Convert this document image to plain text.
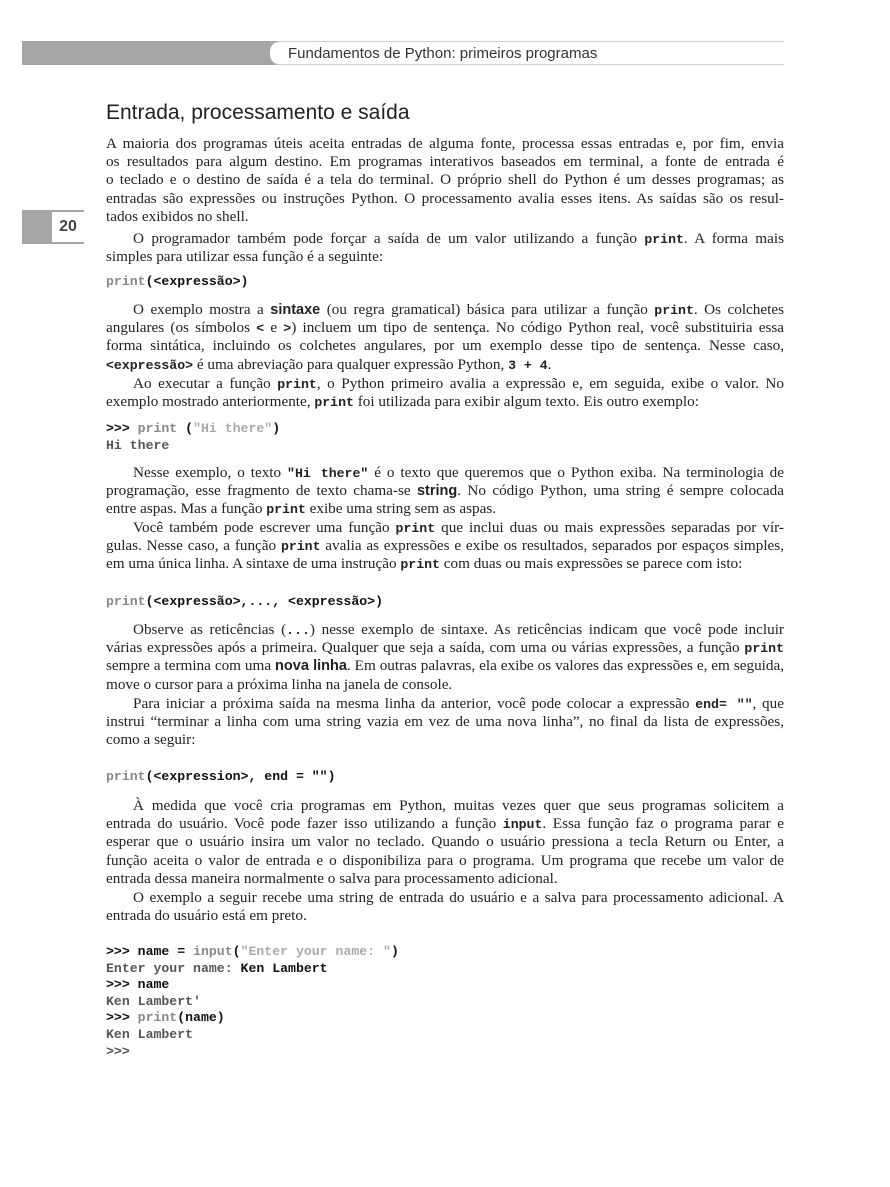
Fundamentos de Python: primeiros programas
20
Entrada, processamento e saída
A maioria dos programas úteis aceita entradas de alguma fonte, processa essas entradas e, por fim, envia
os resultados para algum destino. Em programas interativos baseados em terminal, a fonte de entrada é
o teclado e o destino de saída é a tela do terminal. O próprio shell do Python é um desses programas; as
entradas são expressões ou instruções Python. O processamento avalia esses itens. As saídas são os resul-
tados exibidos no shell.
O programador também pode forçar a saída de um valor utilizando a função print. A forma mais
simples para utilizar essa função é a seguinte:
print(<expressão>)
O exemplo mostra a sintaxe (ou regra gramatical) básica para utilizar a função print. Os colchetes
angulares (os símbolos < e >) incluem um tipo de sentença. No código Python real, você substituiria essa
forma sintática, incluindo os colchetes angulares, por um exemplo desse tipo de sentença. Nesse caso,
<expressão> é uma abreviação para qualquer expressão Python, 3 + 4.
Ao executar a função print, o Python primeiro avalia a expressão e, em seguida, exibe o valor. No
exemplo mostrado anteriormente, print foi utilizada para exibir algum texto. Eis outro exemplo:
>>> print ("Hi there")
Hi there
Nesse exemplo, o texto "Hi there" é o texto que queremos que o Python exiba. Na terminologia de
programação, esse fragmento de texto chama-se string. No código Python, uma string é sempre colocada
entre aspas. Mas a função print exibe uma string sem as aspas.
Você também pode escrever uma função print que inclui duas ou mais expressões separadas por vír-
gulas. Nesse caso, a função print avalia as expressões e exibe os resultados, separados por espaços simples,
em uma única linha. A sintaxe de uma instrução print com duas ou mais expressões se parece com isto:
print(<expressão>,..., <expressão>)
Observe as reticências (...) nesse exemplo de sintaxe. As reticências indicam que você pode incluir
várias expressões após a primeira. Qualquer que seja a saída, com uma ou várias expressões, a função print
sempre a termina com uma nova linha. Em outras palavras, ela exibe os valores das expressões e, em seguida,
move o cursor para a próxima linha na janela de console.
Para iniciar a próxima saída na mesma linha da anterior, você pode colocar a expressão end= "", que
instrui “terminar a linha com uma string vazia em vez de uma nova linha”, no final da lista de expressões,
como a seguir:
print(<expression>, end = "")
À medida que você cria programas em Python, muitas vezes quer que seus programas solicitem a
entrada do usuário. Você pode fazer isso utilizando a função input. Essa função faz o programa parar e
esperar que o usuário insira um valor no teclado. Quando o usuário pressiona a tecla Return ou Enter, a
função aceita o valor de entrada e o disponibiliza para o programa. Um programa que recebe um valor de
entrada dessa maneira normalmente o salva para processamento adicional.
O exemplo a seguir recebe uma string de entrada do usuário e a salva para processamento adicional. A
entrada do usuário está em preto.
>>> name = input("Enter your name: ")
Enter your name: Ken Lambert
>>> name
Ken Lambert'
>>> print(name)
Ken Lambert
>>>
